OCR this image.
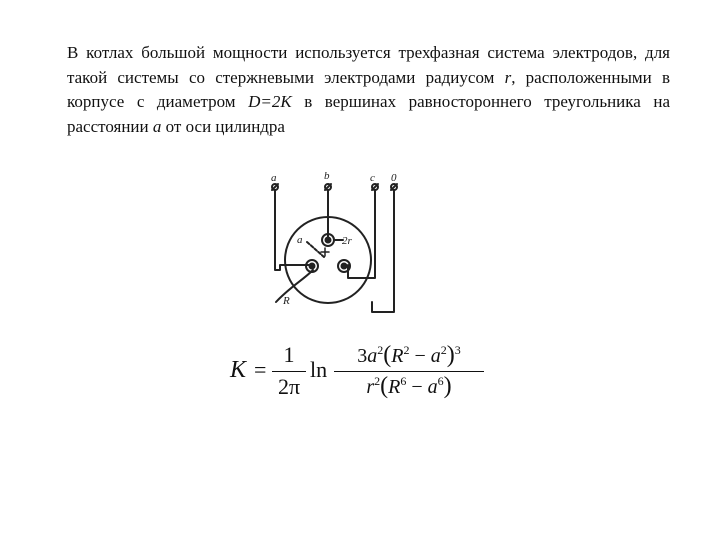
В котлах большой мощности используется трехфазная система электродов, для такой системы со стержневыми электродами радиусом r, расположенными в корпусе с диаметром D=2K в вершинах равностороннего треугольника на расстоянии а от оси цилиндра

a	b	c 0
a	2r
R
K =
1
2π
ln
$3a^2(R^2 - a^2)^3$
$r^2(R^6 - a^6)$
